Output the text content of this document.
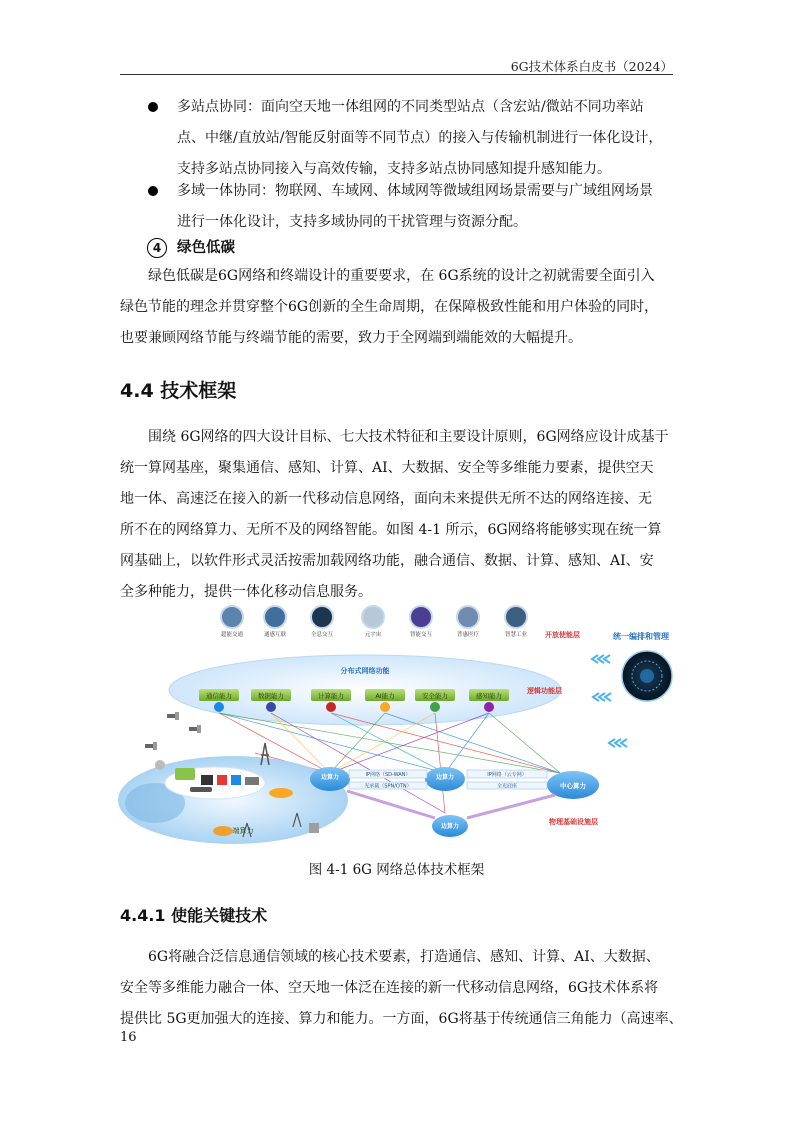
6G技术体系白皮书（2024）
多站点协同：面向空天地一体组网的不同类型站点（含宏站/微站不同功率站
点、中继/直放站/智能反射面等不同节点）的接入与传输机制进行一体化设计，
支持多站点协同接入与高效传输，支持多站点协同感知提升感知能力。
多域一体协同：物联网、车域网、体域网等微域组网场景需要与广域组网场景
进行一体化设计，支持多域协同的干扰管理与资源分配。
4 绿色低碳
绿色低碳是6G网络和终端设计的重要要求，在 6G系统的设计之初就需要全面引入
绿色节能的理念并贯穿整个6G创新的全生命周期，在保障极致性能和用户体验的同时，
也要兼顾网络节能与终端节能的需要，致力于全网端到端能效的大幅提升。
4.4 技术框架
围绕 6G网络的四大设计目标、七大技术特征和主要设计原则，6G网络应设计成基于
统一算网基座，聚集通信、感知、计算、AI、大数据、安全等多维能力要素，提供空天
地一体、高速泛在接入的新一代移动信息网络，面向未来提供无所不达的网络连接、无
所不在的网络算力、无所不及的网络智能。如图 4-1 所示，6G网络将能够实现在统一算
网基础上，以软件形式灵活按需加载网络功能，融合通信、数据、计算、感知、AI、安
全多种能力，提供一体化移动信息服务。
超能交通	通感互联	全息交互	元宇宙	智能交互	普惠医疗	智慧工业	开放使能层	统一编排和管理
分布式网络功能
逻辑功能层
通信能力	数据能力	计算能力	AI能力	安全能力	感知能力
端算力
边算力	边算力
边算力
中心算力
IP网络（SD-WAN）
光承载（SPN/OTN）
IP网络（云专网）
全光底座
物理基础设施层
图 4-1 6G 网络总体技术框架
4.4.1 使能关键技术
6G将融合泛信息通信领域的核心技术要素，打造通信、感知、计算、AI、大数据、
安全等多维能力融合一体、空天地一体泛在连接的新一代移动信息网络，6G技术体系将
提供比 5G更加强大的连接、算力和能力。一方面，6G将基于传统通信三角能力（高速率、
16
